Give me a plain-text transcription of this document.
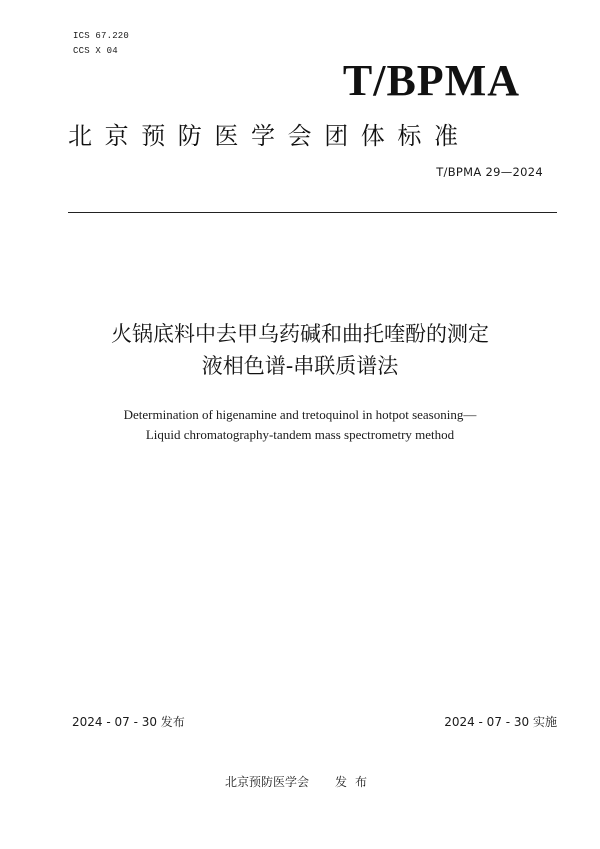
ICS 67.220
CCS X 04
T/BPMA
北京预防医学会团体标准
T/BPMA 29—2024
火锅底料中去甲乌药碱和曲托喹酚的测定
液相色谱-串联质谱法
Determination of higenamine and tretoquinol in hotpot seasoning—
Liquid chromatography-tandem mass spectrometry method
2024 - 07 - 30 发布	2024 - 07 - 30 实施
北京预防医学会 发布
